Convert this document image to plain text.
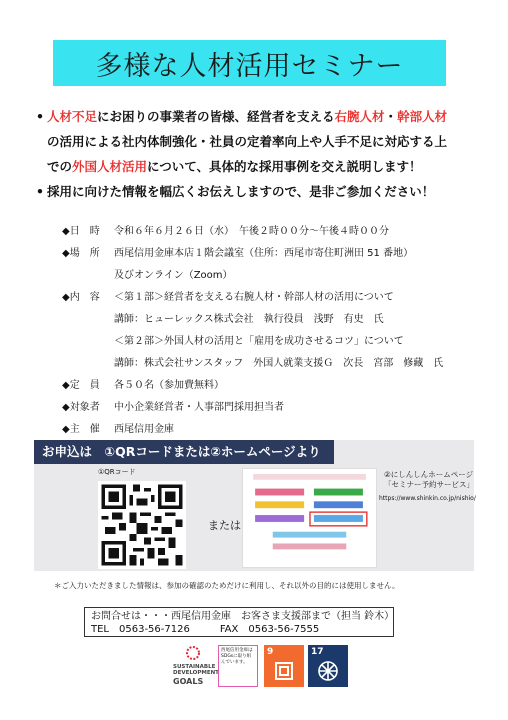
多様な人材活用セミナー
• 人材不足にお困りの事業者の皆様、経営者を支える右腕人材・幹部人材
の活用による社内体制強化・社員の定着率向上や人手不足に対応する上
での外国人材活用について、具体的な採用事例を交え説明します！
• 採用に向けた情報を幅広くお伝えしますので、是非ご参加ください！
◆日　時	令和６年６月２６日（水）　午後２時００分～午後４時００分
◆場　所	西尾信用金庫本店１階会議室（住所：西尾市寄住町洲田 51 番地）
及びオンライン（Zoom）
◆内　容	＜第１部＞経営者を支える右腕人材・幹部人材の活用について
講師：ヒューレックス株式会社　執行役員　浅野　有史　氏
＜第２部＞外国人材の活用と「雇用を成功させるコツ」について
講師：株式会社サンスタッフ　外国人就業支援Ｇ　次長　宮部　修藏　氏
◆定　員	各５０名（参加費無料）
◆対象者	中小企業経営者・人事部門採用担当者
◆主　催	西尾信用金庫
お申込は　①QRコードまたは②ホームページより
①QRコード
または
②にしんしんホームページ
「セミナー予約サービス」
https://www.shinkin.co.jp/nishio/
＊ご入力いただきました情報は、参加の確認のためだけに利用し、それ以外の目的には使用しません。
お問合せは・・・西尾信用金庫　お客さま支援部まで（担当 鈴木）
TEL　0563-56-7126　　　FAX　0563-56-7555
SUSTAINABLE
DEVELOPMENT
GOALS
西尾信用金庫は SDGsに取り組んでいます。
9	17
